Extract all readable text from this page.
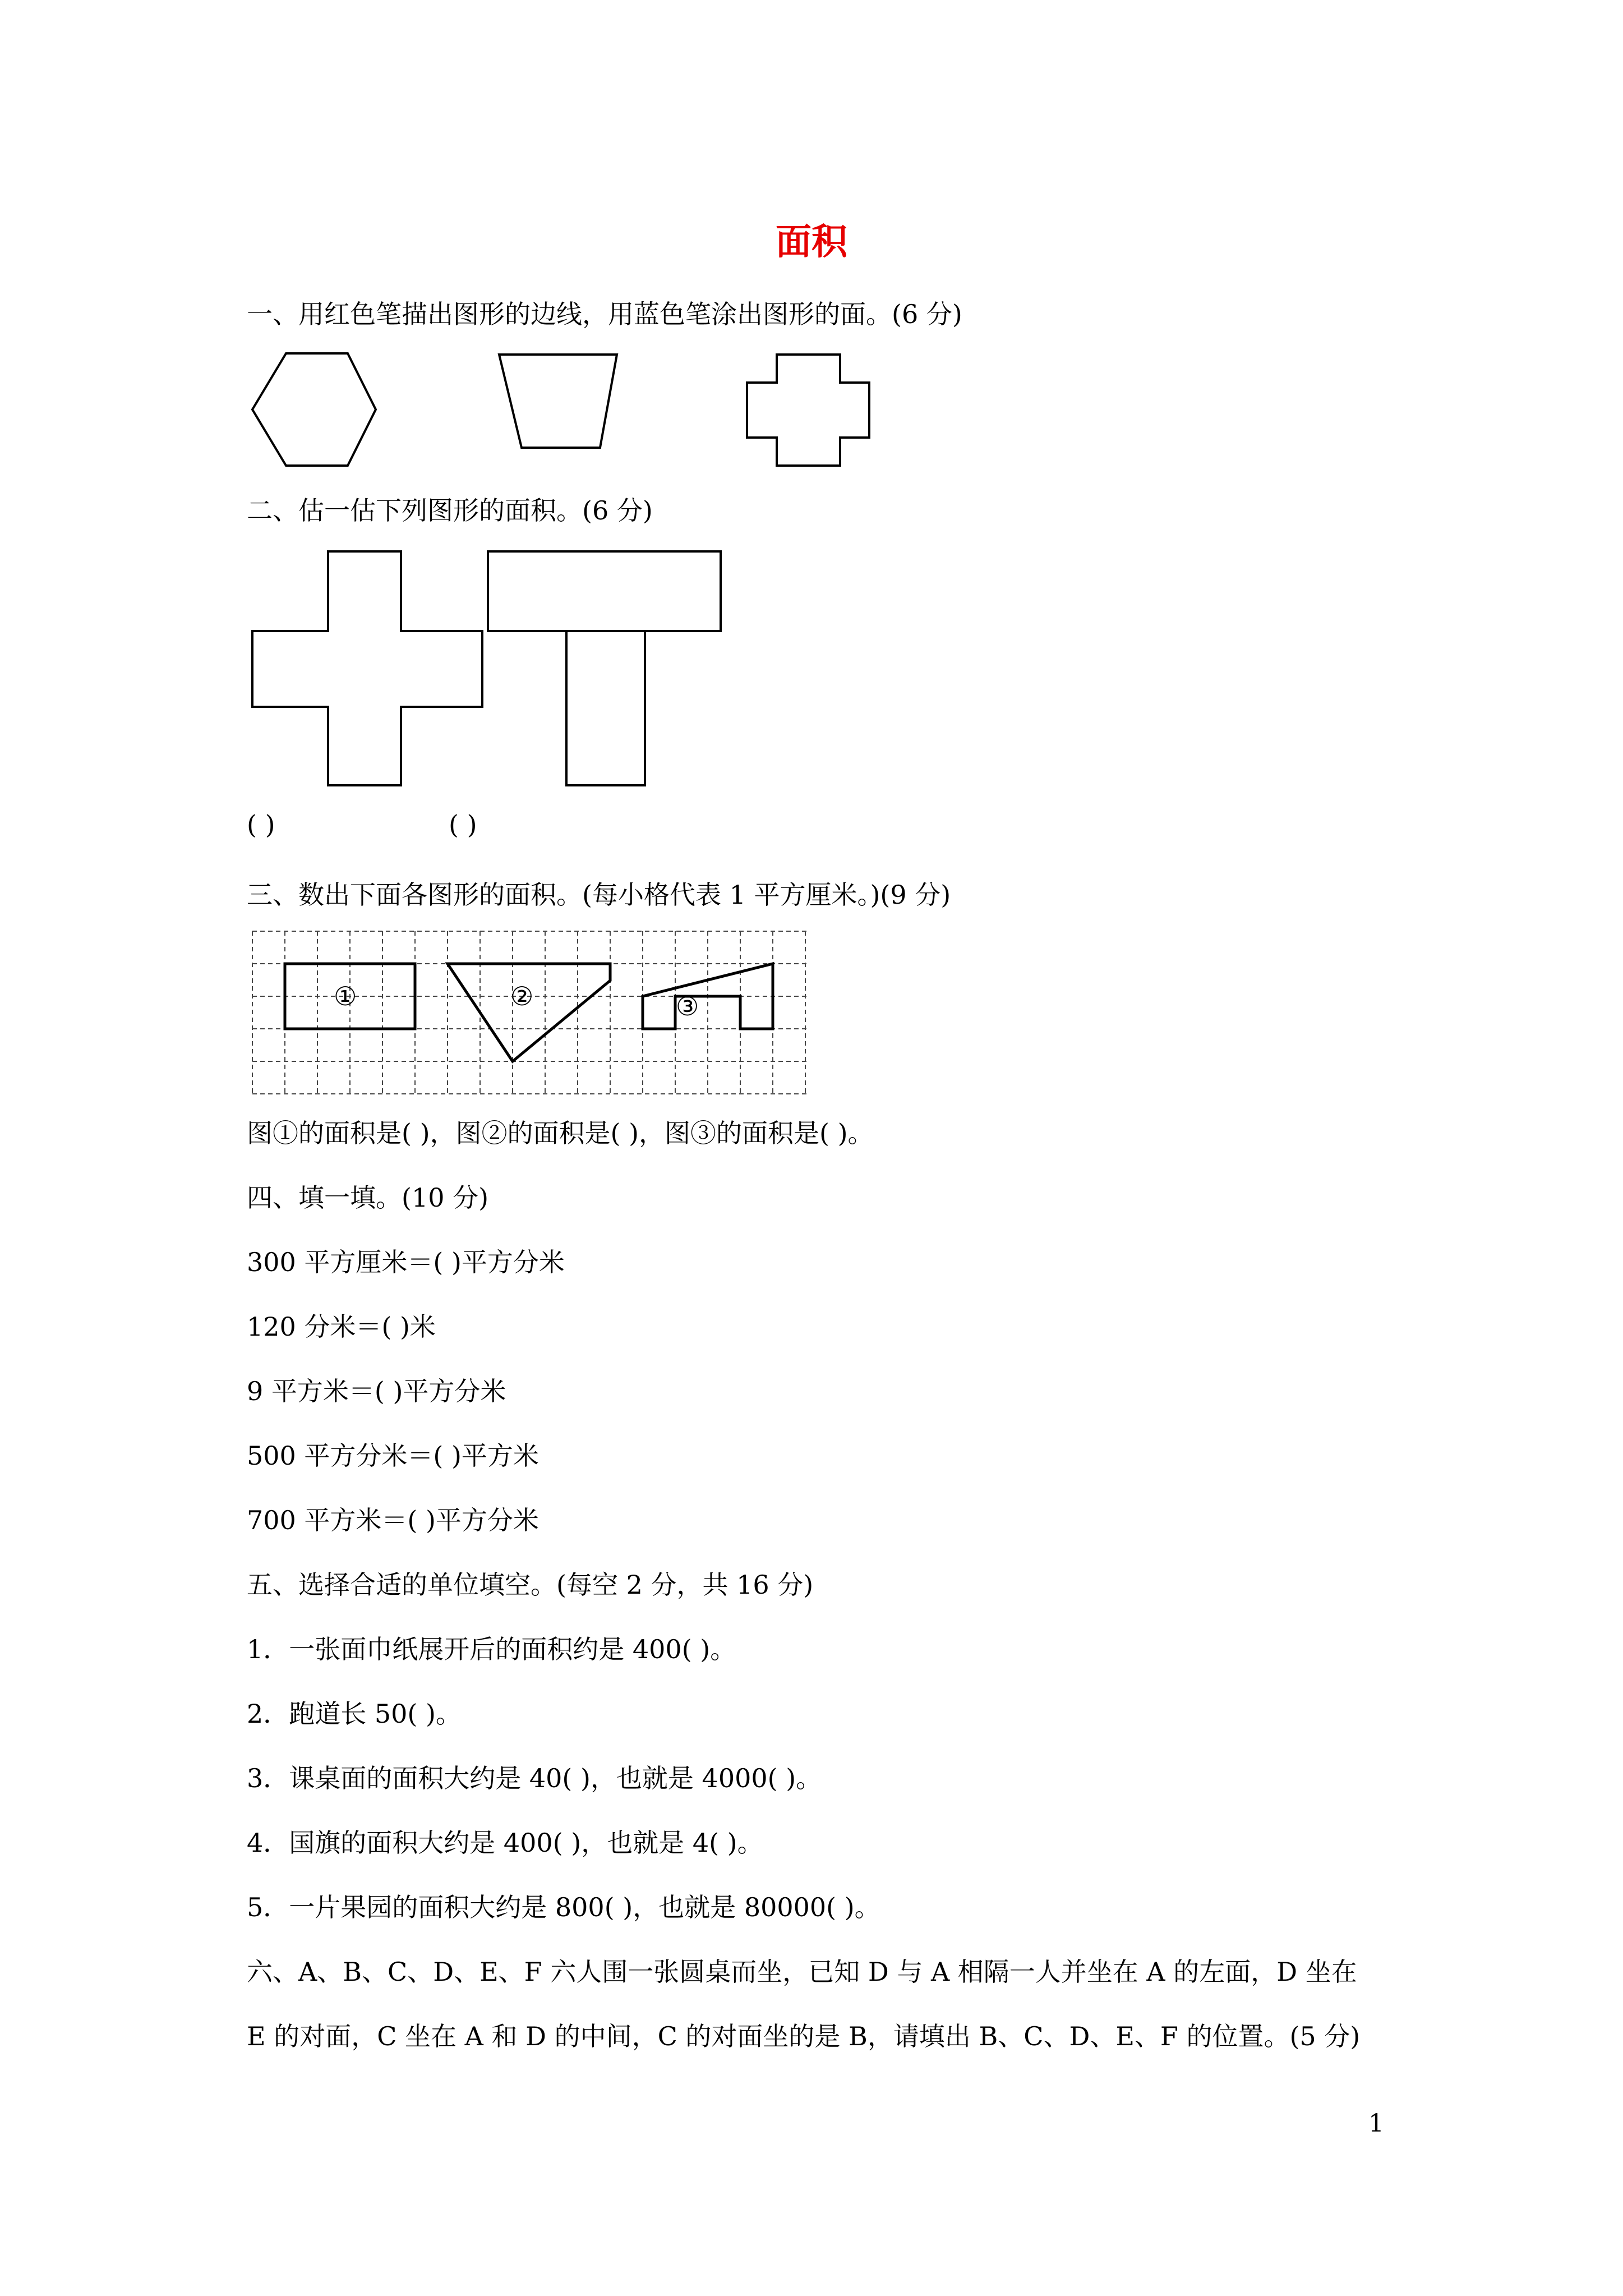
面积
一、用红色笔描出图形的边线，用蓝色笔涂出图形的面。(6 分)
二、估一估下列图形的面积。(6 分)
( )	( )
三、数出下面各图形的面积。(每小格代表 1 平方厘米。)(9 分)
①	②	③
图①的面积是( )，图②的面积是( )，图③的面积是( )。
四、填一填。(10 分)
300 平方厘米＝( )平方分米
120 分米＝( )米
9 平方米＝( )平方分米
500 平方分米＝( )平方米
700 平方米＝( )平方分米
五、选择合适的单位填空。(每空 2 分，共 16 分)
1．一张面巾纸展开后的面积约是 400( )。
2．跑道长 50( )。
3．课桌面的面积大约是 40( )，也就是 4000( )。
4．国旗的面积大约是 400( )，也就是 4( )。
5．一片果园的面积大约是 800( )，也就是 80000( )。
六、A、B、C、D、E、F 六人围一张圆桌而坐，已知 D 与 A 相隔一人并坐在 A 的左面，D 坐在
E 的对面，C 坐在 A 和 D 的中间，C 的对面坐的是 B，请填出 B、C、D、E、F 的位置。(5 分)
1
